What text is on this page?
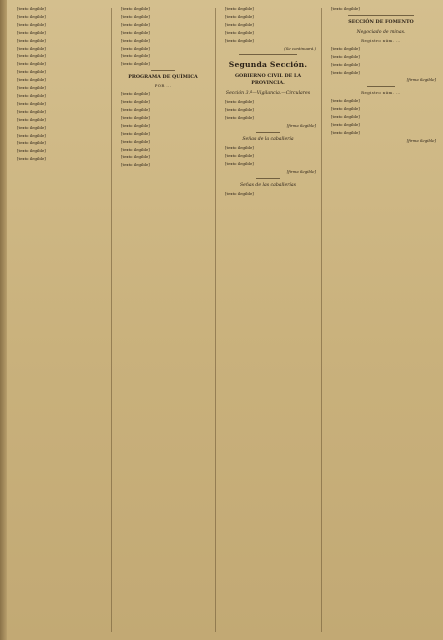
[texto ilegible]

[texto ilegible]

[texto ilegible]

[texto ilegible]

[texto ilegible]

[texto ilegible]

[texto ilegible]

[texto ilegible]

[texto ilegible]

[texto ilegible]

[texto ilegible]

[texto ilegible]

[texto ilegible]

[texto ilegible]

[texto ilegible]

[texto ilegible]

[texto ilegible]

[texto ilegible]

[texto ilegible]

[texto ilegible]

[texto ilegible]

[texto ilegible]

[texto ilegible]

[texto ilegible]

[texto ilegible]

[texto ilegible]

[texto ilegible]

[texto ilegible]

PROGRAMA DE QUÍMICA
POR ...

[texto ilegible]

[texto ilegible]

[texto ilegible]

[texto ilegible]

[texto ilegible]

[texto ilegible]

[texto ilegible]

[texto ilegible]

[texto ilegible]

[texto ilegible]

[texto ilegible]

[texto ilegible]

[texto ilegible]

[texto ilegible]

[texto ilegible]

(Se continuará.)
Segunda Sección.
GOBIERNO CIVIL DE LA PROVINCIA.
Sección 3.ª—Vigilancia.—Circulares

[texto ilegible]

[texto ilegible]

[texto ilegible]

[firma ilegible]
Señas de la caballería

[texto ilegible]

[texto ilegible]

[texto ilegible]

[firma ilegible]
Señas de las caballerías

[texto ilegible]

[texto ilegible]

SECCIÓN DE FOMENTO
Negociado de minas.
Registro núm. ...

[texto ilegible]

[texto ilegible]

[texto ilegible]

[texto ilegible]

[firma ilegible]
Registro núm. ...

[texto ilegible]

[texto ilegible]

[texto ilegible]

[texto ilegible]

[texto ilegible]

[firma ilegible]
